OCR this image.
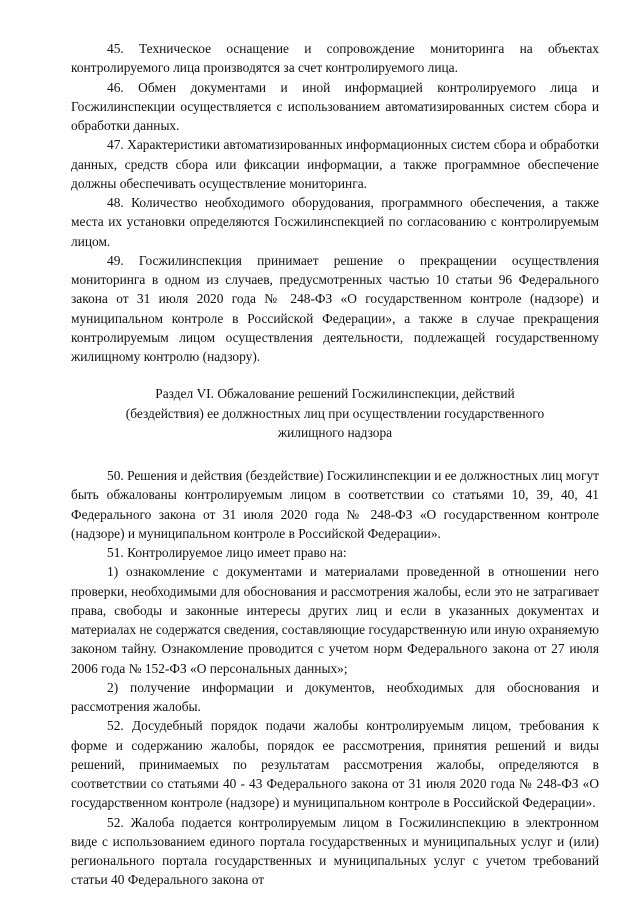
45. Техническое оснащение и сопровождение мониторинга на объектах контролируемого лица производятся за счет контролируемого лица.

46. Обмен документами и иной информацией контролируемого лица и Госжилинспекции осуществляется с использованием автоматизированных систем сбора и обработки данных.

47. Характеристики автоматизированных информационных систем сбора и обработки данных, средств сбора или фиксации информации, а также программное обеспечение должны обеспечивать осуществление мониторинга.

48. Количество необходимого оборудования, программного обеспечения, а также места их установки определяются Госжилинспекцией по согласованию с контролируемым лицом.

49. Госжилинспекция принимает решение о прекращении осуществления мониторинга в одном из случаев, предусмотренных частью 10 статьи 96 Федерального закона от 31 июля 2020 года № 248-ФЗ «О государственном контроле (надзоре) и муниципальном контроле в Российской Федерации», а также в случае прекращения контролируемым лицом осуществления деятельности, подлежащей государственному жилищному контролю (надзору).

Раздел VI. Обжалование решений Госжилинспекции, действий
(бездействия) ее должностных лиц при осуществлении государственного
жилищного надзора

50. Решения и действия (бездействие) Госжилинспекции и ее должностных лиц могут быть обжалованы контролируемым лицом в соответствии со статьями 10, 39, 40, 41 Федерального закона от 31 июля 2020 года № 248-ФЗ «О государственном контроле (надзоре) и муниципальном контроле в Российской Федерации».

51. Контролируемое лицо имеет право на:

1) ознакомление с документами и материалами проведенной в отношении него проверки, необходимыми для обоснования и рассмотрения жалобы, если это не затрагивает права, свободы и законные интересы других лиц и если в указанных документах и материалах не содержатся сведения, составляющие государственную или иную охраняемую законом тайну. Ознакомление проводится с учетом норм Федерального закона от 27 июля 2006 года № 152-ФЗ «О персональных данных»;

2) получение информации и документов, необходимых для обоснования и рассмотрения жалобы.

52. Досудебный порядок подачи жалобы контролируемым лицом, требования к форме и содержанию жалобы, порядок ее рассмотрения, принятия решений и виды решений, принимаемых по результатам рассмотрения жалобы, определяются в соответствии со статьями 40 - 43 Федерального закона от 31 июля 2020 года № 248-ФЗ «О государственном контроле (надзоре) и муниципальном контроле в Российской Федерации».

52. Жалоба подается контролируемым лицом в Госжилинспекцию в электронном виде с использованием единого портала государственных и муниципальных услуг и (или) регионального портала государственных и муниципальных услуг с учетом требований статьи 40 Федерального закона от
